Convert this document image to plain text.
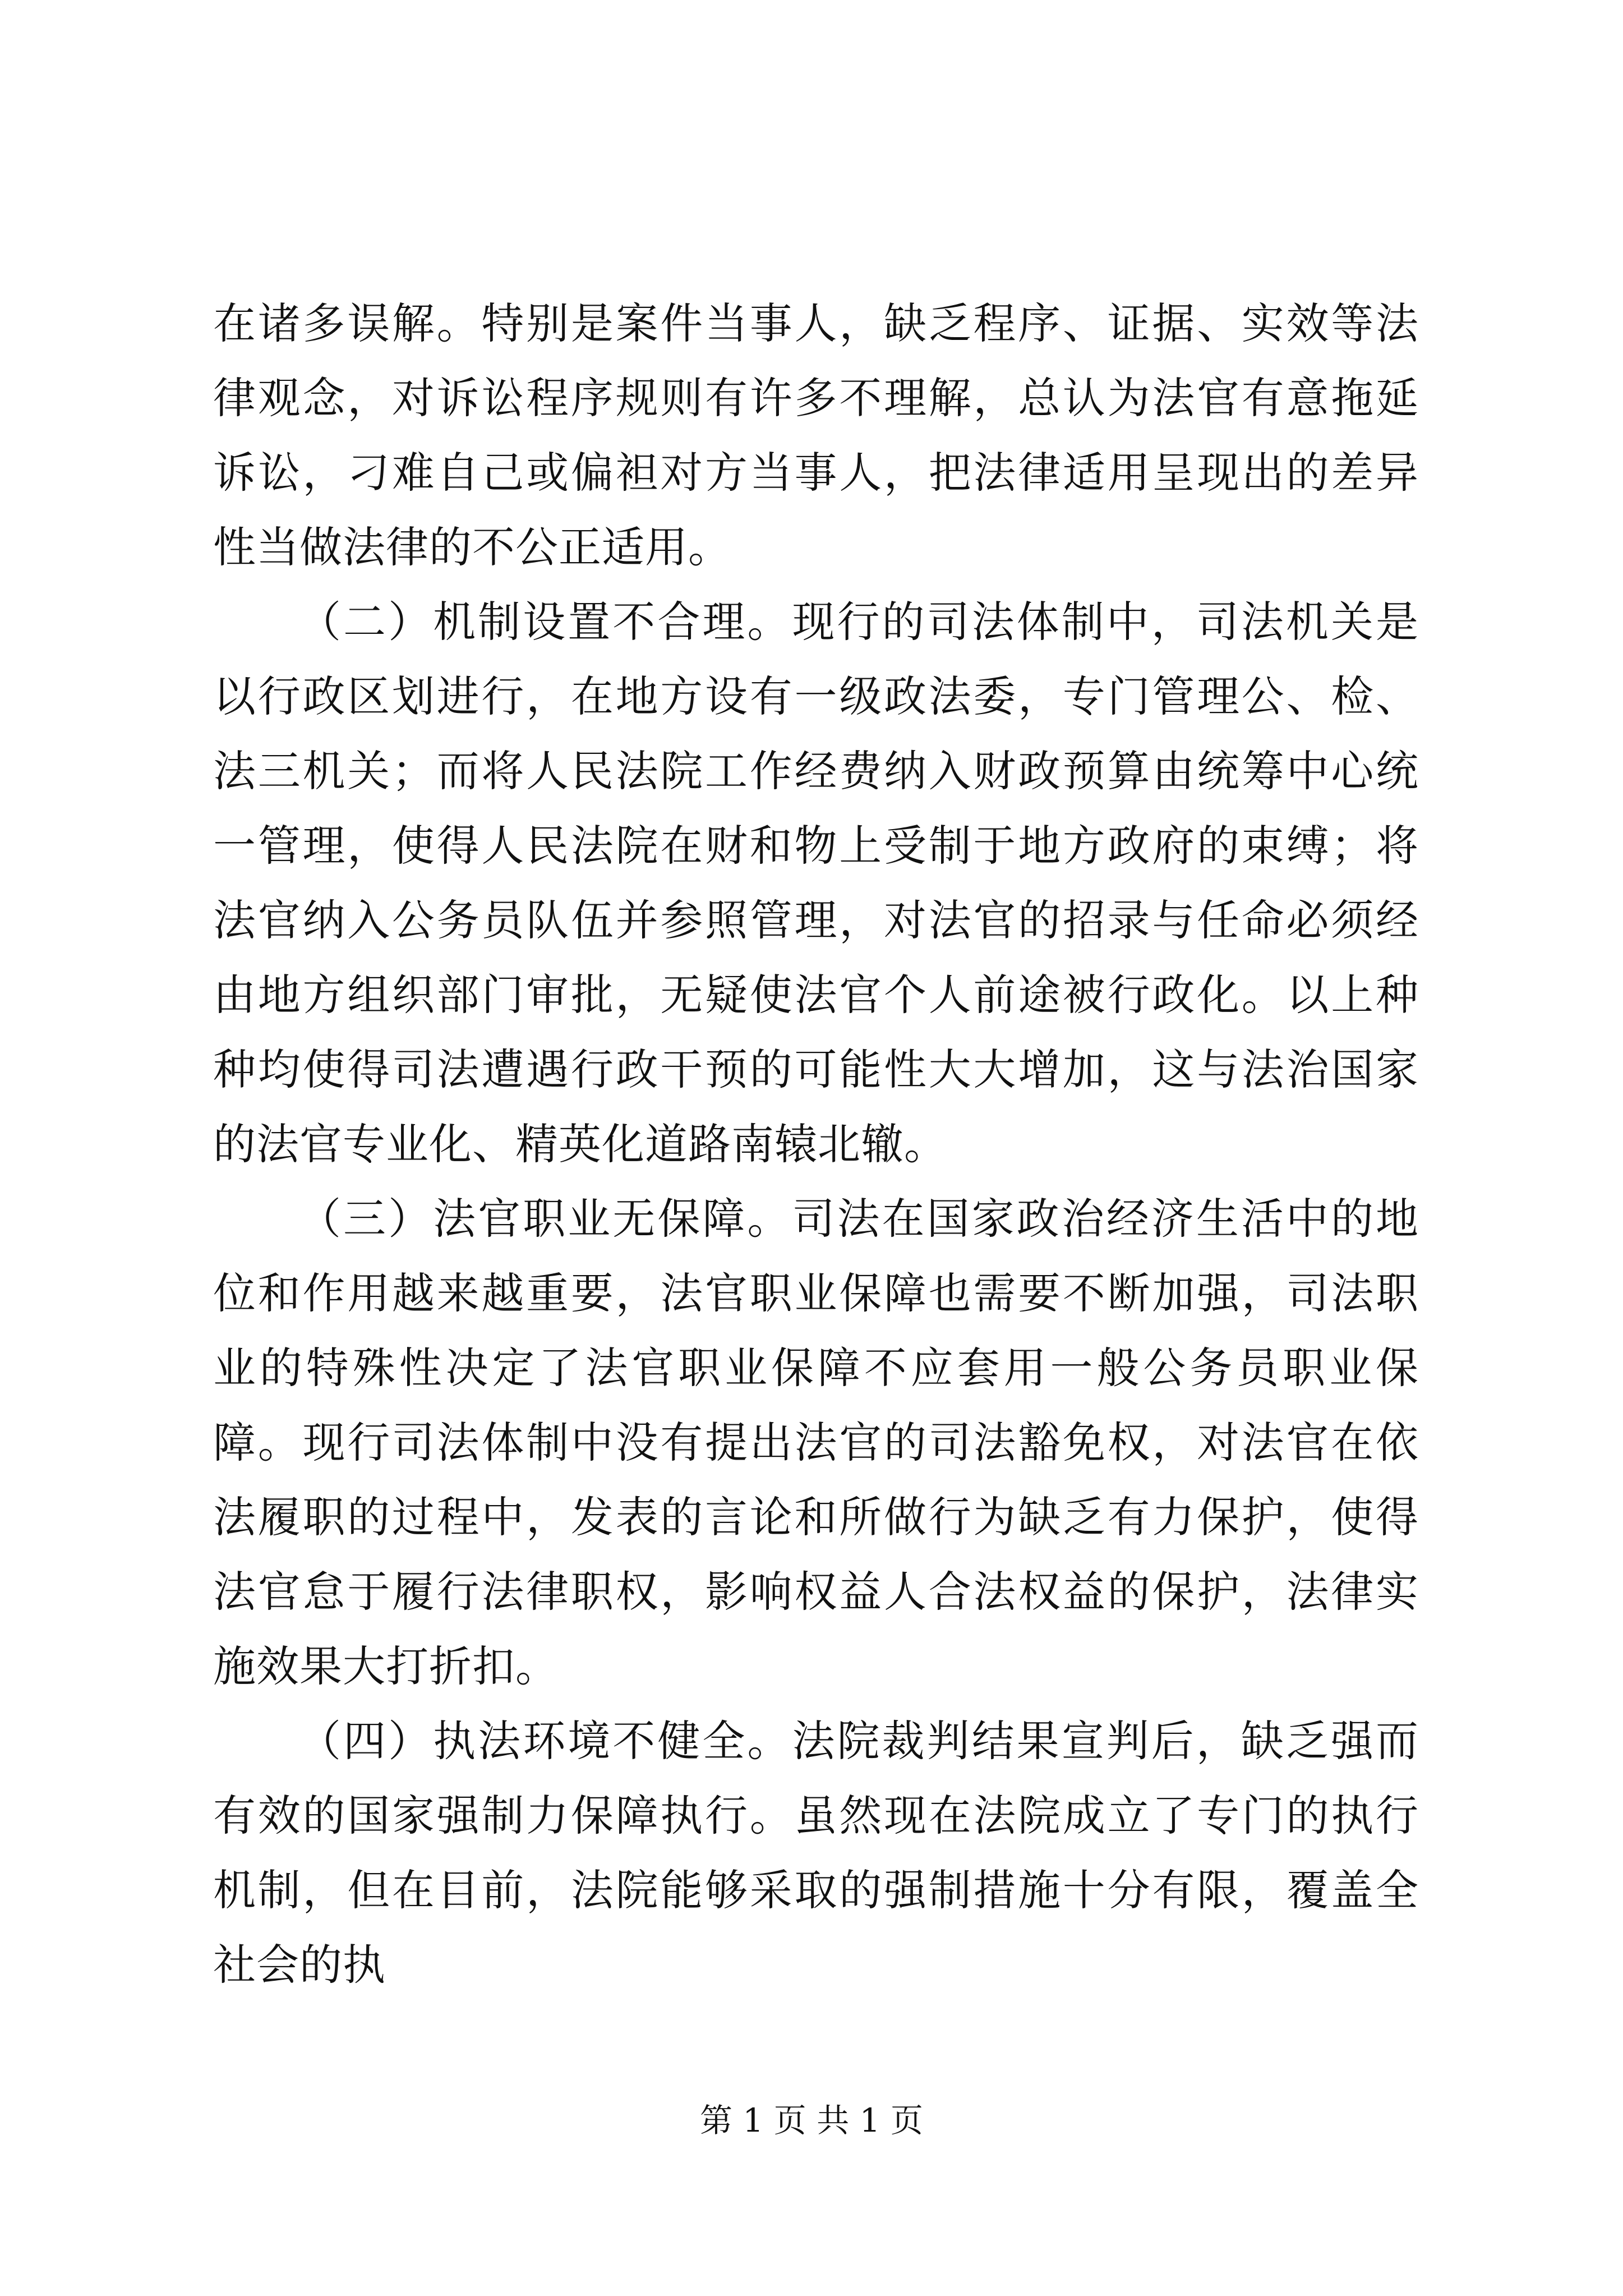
在诸多误解。特别是案件当事人，缺乏程序、证据、实效等法律观念，对诉讼程序规则有许多不理解，总认为法官有意拖延诉讼，刁难自己或偏袒对方当事人，把法律适用呈现出的差异性当做法律的不公正适用。

（二）机制设置不合理。现行的司法体制中，司法机关是以行政区划进行，在地方设有一级政法委，专门管理公、检、法三机关；而将人民法院工作经费纳入财政预算由统筹中心统一管理，使得人民法院在财和物上受制于地方政府的束缚；将法官纳入公务员队伍并参照管理，对法官的招录与任命必须经由地方组织部门审批，无疑使法官个人前途被行政化。以上种种均使得司法遭遇行政干预的可能性大大增加，这与法治国家的法官专业化、精英化道路南辕北辙。

（三）法官职业无保障。司法在国家政治经济生活中的地位和作用越来越重要，法官职业保障也需要不断加强，司法职业的特殊性决定了法官职业保障不应套用一般公务员职业保障。现行司法体制中没有提出法官的司法豁免权，对法官在依法履职的过程中，发表的言论和所做行为缺乏有力保护，使得法官怠于履行法律职权，影响权益人合法权益的保护，法律实施效果大打折扣。

（四）执法环境不健全。法院裁判结果宣判后，缺乏强而有效的国家强制力保障执行。虽然现在法院成立了专门的执行机制，但在目前，法院能够采取的强制措施十分有限，覆盖全社会的执

第 1 页 共 1 页
